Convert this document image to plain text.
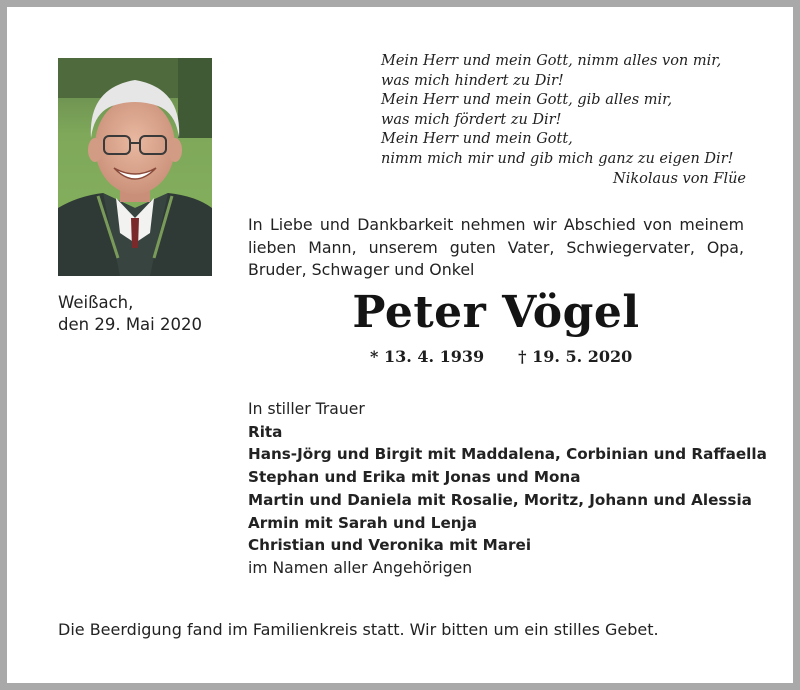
Weißach,
den 29. Mai 2020
Mein Herr und mein Gott, nimm alles von mir,
was mich hindert zu Dir!
Mein Herr und mein Gott, gib alles mir,
was mich fördert zu Dir!
Mein Herr und mein Gott,
nimm mich mir und gib mich ganz zu eigen Dir!
Nikolaus von Flüe
In Liebe und Dankbarkeit nehmen wir Abschied von meinem lieben Mann, unserem guten Vater, Schwiegervater, Opa, Bruder, Schwager und Onkel
Peter Vögel
* 13. 4. 1939 † 19. 5. 2020
In stiller Trauer
Rita
Hans-Jörg und Birgit mit Maddalena, Corbinian und Raffaella
Stephan und Erika mit Jonas und Mona
Martin und Daniela mit Rosalie, Moritz, Johann und Alessia
Armin mit Sarah und Lenja
Christian und Veronika mit Marei
im Namen aller Angehörigen
Die Beerdigung fand im Familienkreis statt. Wir bitten um ein stilles Gebet.
